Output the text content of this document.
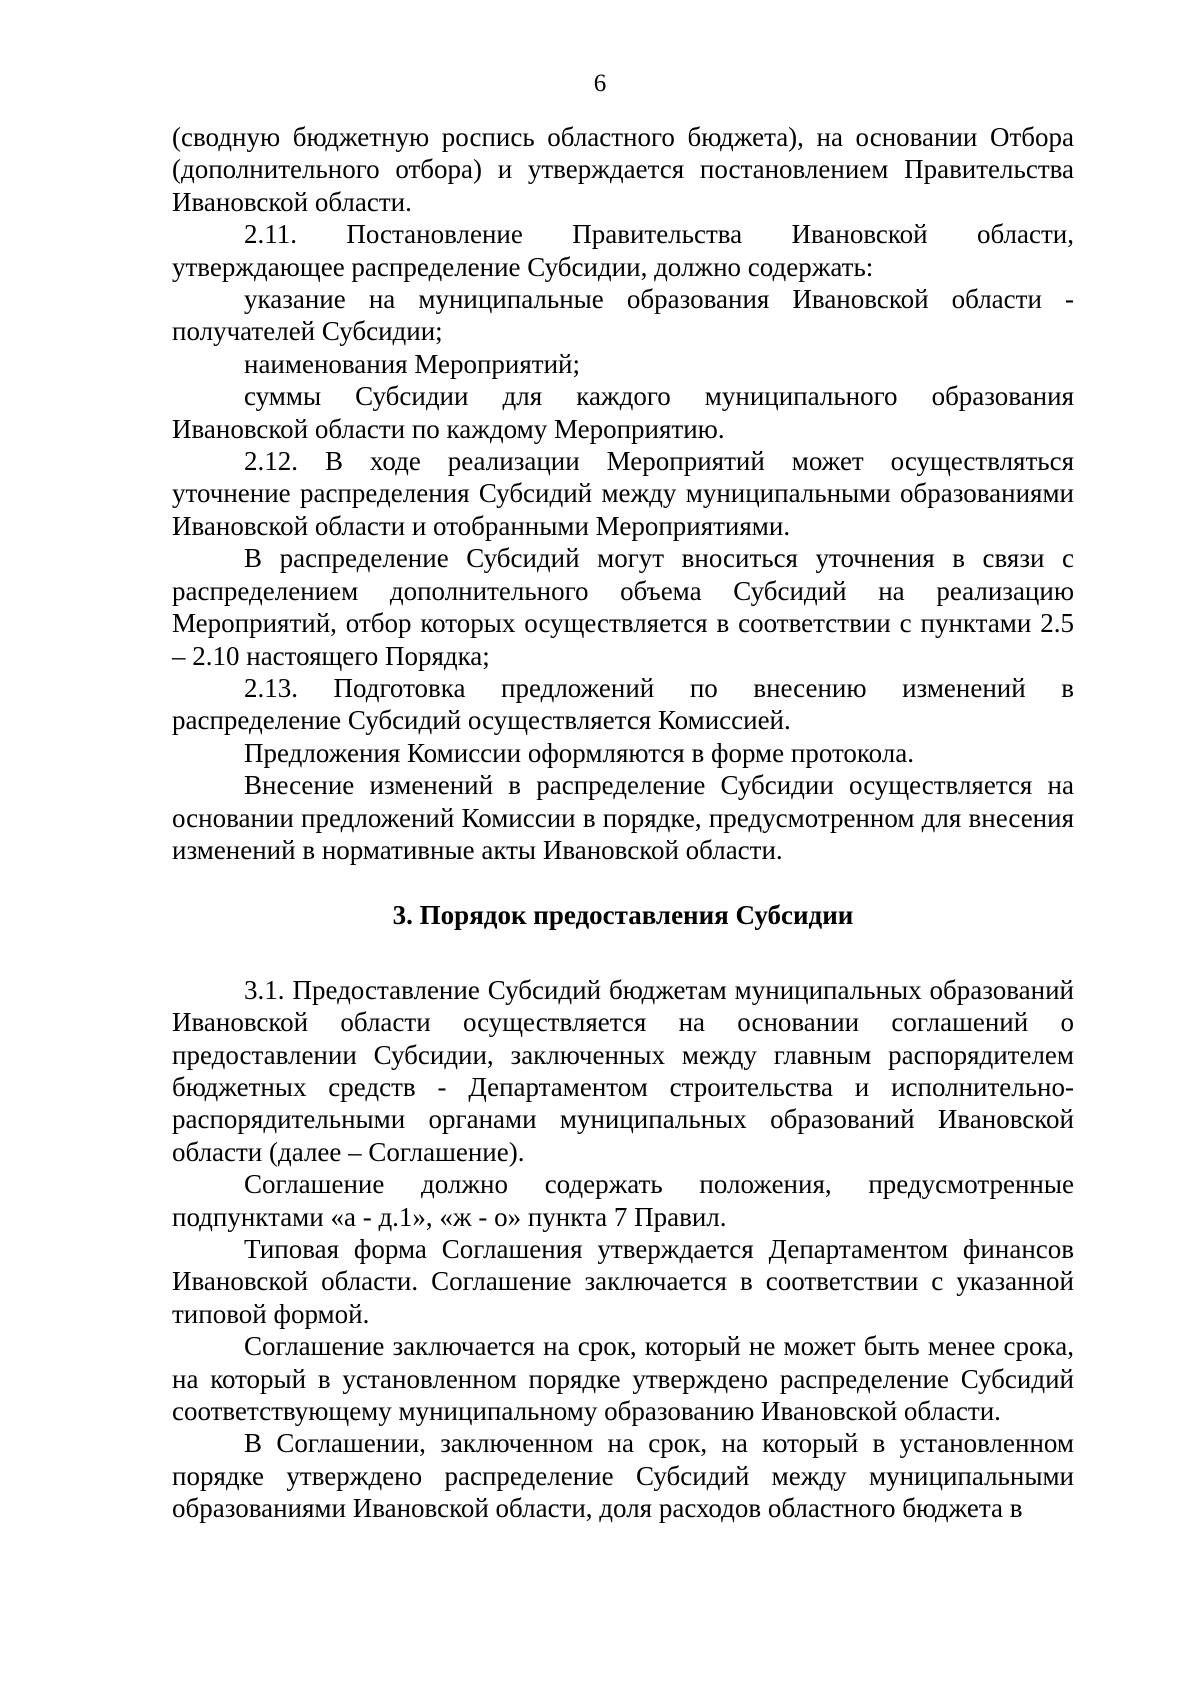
6

(сводную бюджетную роспись областного бюджета), на основании Отбора (дополнительного отбора) и утверждается постановлением Правительства Ивановской области.

2.11. Постановление Правительства Ивановской области, утверждающее распределение Субсидии, должно содержать:

указание на муниципальные образования Ивановской области - получателей Субсидии;

наименования Мероприятий;

суммы Субсидии для каждого муниципального образования Ивановской области по каждому Мероприятию.

2.12. В ходе реализации Мероприятий может осуществляться уточнение распределения Субсидий между муниципальными образованиями Ивановской области и отобранными Мероприятиями.

В распределение Субсидий могут вноситься уточнения в связи с распределением дополнительного объема Субсидий на реализацию Мероприятий, отбор которых осуществляется в соответствии с пунктами 2.5 – 2.10 настоящего Порядка;

2.13. Подготовка предложений по внесению изменений в распределение Субсидий осуществляется Комиссией.

Предложения Комиссии оформляются в форме протокола.

Внесение изменений в распределение Субсидии осуществляется на основании предложений Комиссии в порядке, предусмотренном для внесения изменений в нормативные акты Ивановской области.

3. Порядок предоставления Субсидии

3.1. Предоставление Субсидий бюджетам муниципальных образований Ивановской области осуществляется на основании соглашений о предоставлении Субсидии, заключенных между главным распорядителем бюджетных средств - Департаментом строительства и исполнительно-распорядительными органами муниципальных образований Ивановской области (далее – Соглашение).

Соглашение должно содержать положения, предусмотренные подпунктами «а - д.1», «ж - о» пункта 7 Правил.

Типовая форма Соглашения утверждается Департаментом финансов Ивановской области. Соглашение заключается в соответствии с указанной типовой формой.

Соглашение заключается на срок, который не может быть менее срока, на который в установленном порядке утверждено распределение Субсидий соответствующему муниципальному образованию Ивановской области.

В Соглашении, заключенном на срок, на который в установленном порядке утверждено распределение Субсидий между муниципальными образованиями Ивановской области, доля расходов областного бюджета в
